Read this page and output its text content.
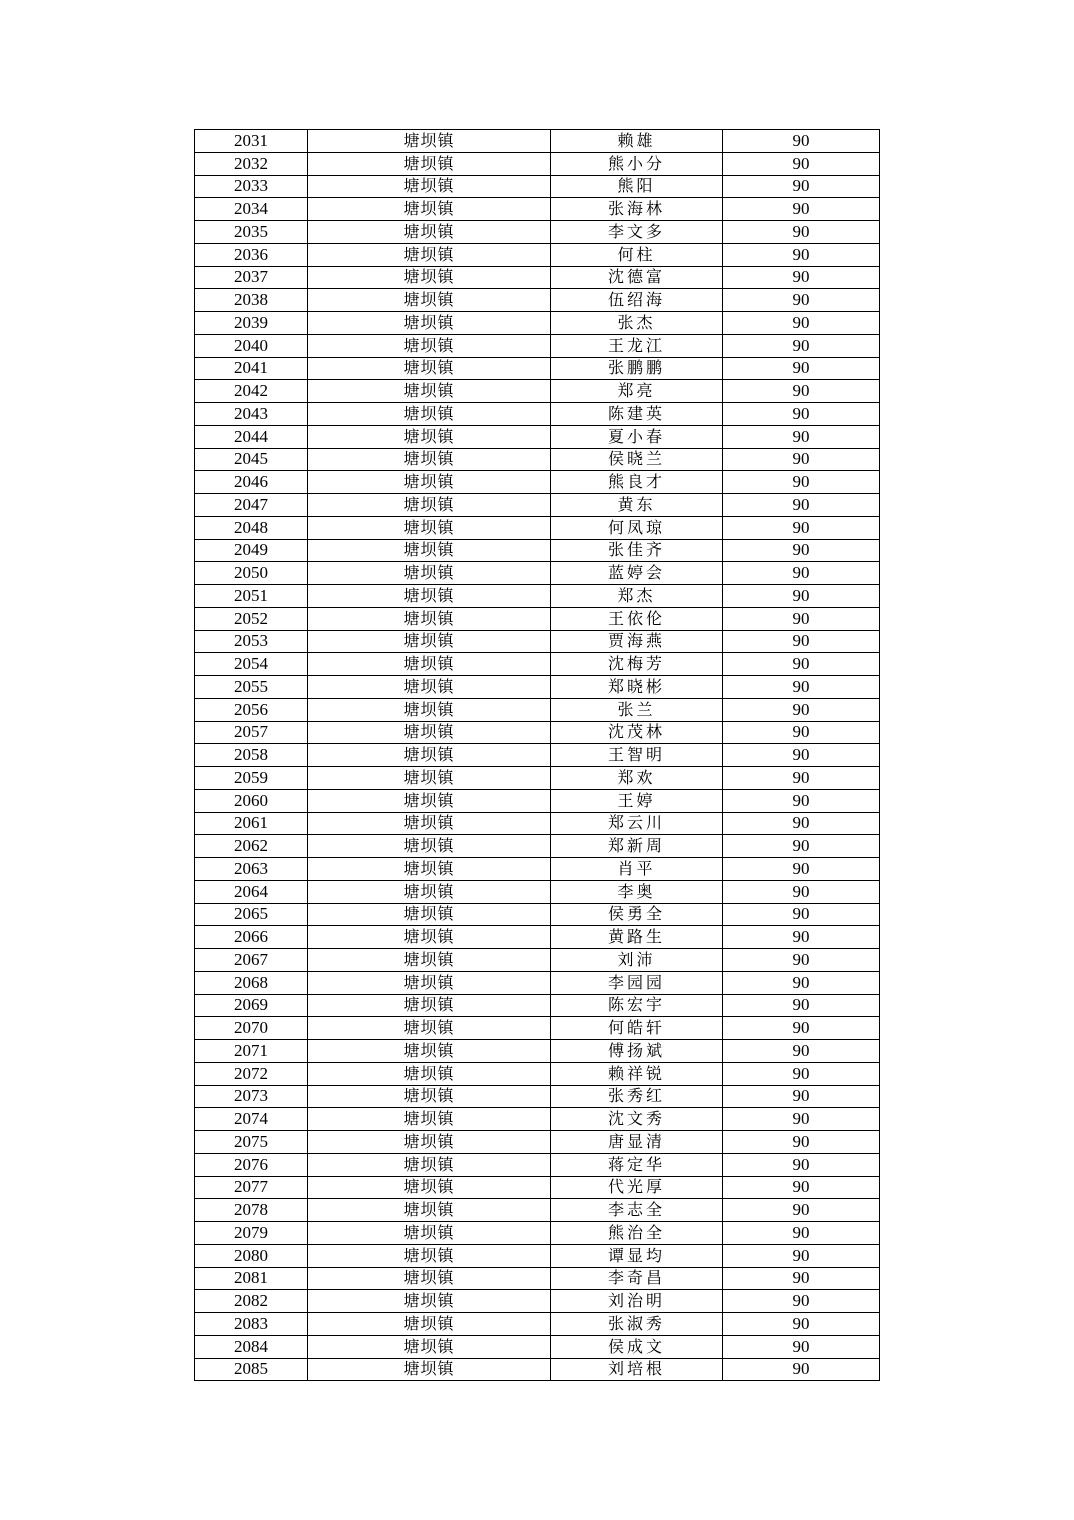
2031	塘坝镇	赖雄	90
2032	塘坝镇	熊小分	90
2033	塘坝镇	熊阳	90
2034	塘坝镇	张海林	90
2035	塘坝镇	李文多	90
2036	塘坝镇	何柱	90
2037	塘坝镇	沈德富	90
2038	塘坝镇	伍绍海	90
2039	塘坝镇	张杰	90
2040	塘坝镇	王龙江	90
2041	塘坝镇	张鹏鹏	90
2042	塘坝镇	郑亮	90
2043	塘坝镇	陈建英	90
2044	塘坝镇	夏小春	90
2045	塘坝镇	侯晓兰	90
2046	塘坝镇	熊良才	90
2047	塘坝镇	黄东	90
2048	塘坝镇	何凤琼	90
2049	塘坝镇	张佳齐	90
2050	塘坝镇	蓝婷会	90
2051	塘坝镇	郑杰	90
2052	塘坝镇	王依伦	90
2053	塘坝镇	贾海燕	90
2054	塘坝镇	沈梅芳	90
2055	塘坝镇	郑晓彬	90
2056	塘坝镇	张兰	90
2057	塘坝镇	沈茂林	90
2058	塘坝镇	王智明	90
2059	塘坝镇	郑欢	90
2060	塘坝镇	王婷	90
2061	塘坝镇	郑云川	90
2062	塘坝镇	郑新周	90
2063	塘坝镇	肖平	90
2064	塘坝镇	李奥	90
2065	塘坝镇	侯勇全	90
2066	塘坝镇	黄路生	90
2067	塘坝镇	刘沛	90
2068	塘坝镇	李园园	90
2069	塘坝镇	陈宏宇	90
2070	塘坝镇	何皓轩	90
2071	塘坝镇	傅扬斌	90
2072	塘坝镇	赖祥锐	90
2073	塘坝镇	张秀红	90
2074	塘坝镇	沈文秀	90
2075	塘坝镇	唐显清	90
2076	塘坝镇	蒋定华	90
2077	塘坝镇	代光厚	90
2078	塘坝镇	李志全	90
2079	塘坝镇	熊治全	90
2080	塘坝镇	谭显均	90
2081	塘坝镇	李奇昌	90
2082	塘坝镇	刘治明	90
2083	塘坝镇	张淑秀	90
2084	塘坝镇	侯成文	90
2085	塘坝镇	刘培根	90
